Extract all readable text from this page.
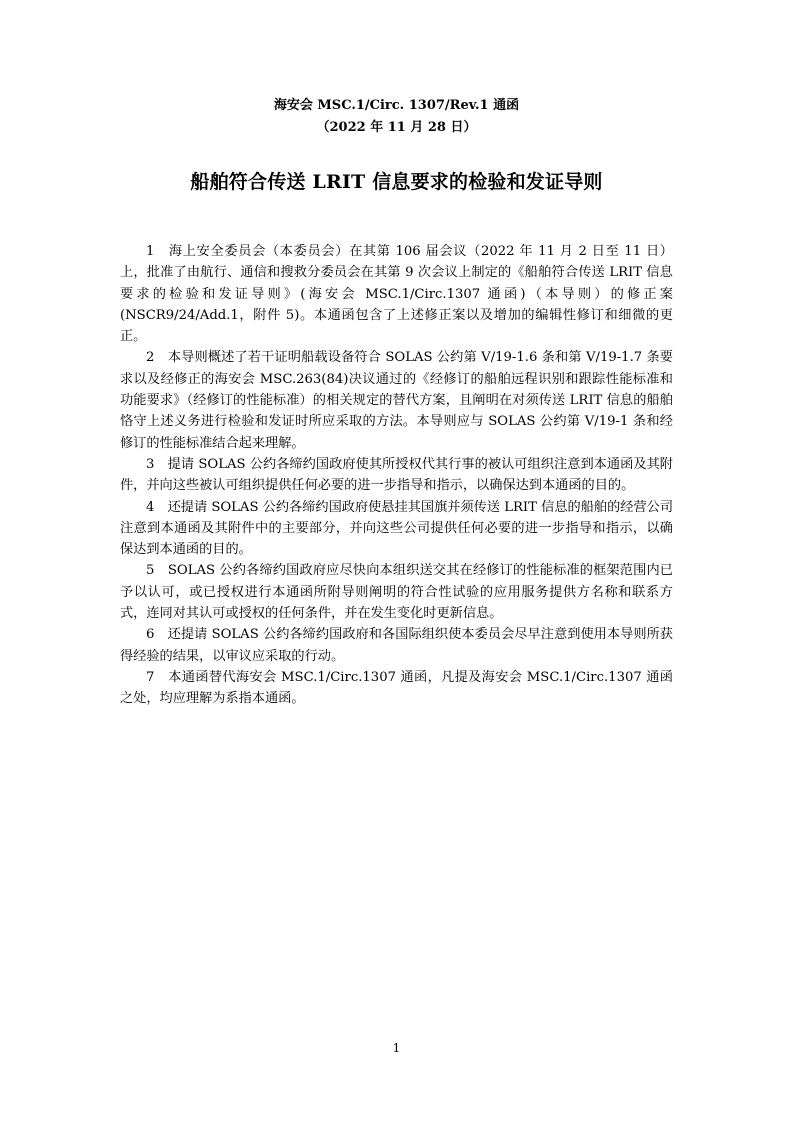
海安会 MSC.1/Circ. 1307/Rev.1 通函
（2022 年 11 月 28 日）
船舶符合传送 LRIT 信息要求的检验和发证导则

1　海上安全委员会（本委员会）在其第 106 届会议（2022 年 11 月 2 日至 11 日）上，批准了由航行、通信和搜救分委员会在其第 9 次会议上制定的《船舶符合传送 LRIT 信息要求的检验和发证导则》(海安会 MSC.1/Circ.1307 通函)（本导则）的修正案(NSCR9/24/Add.1，附件 5)。本通函包含了上述修正案以及增加的编辑性修订和细微的更正。

2　本导则概述了若干证明船载设备符合 SOLAS 公约第 V/19-1.6 条和第 V/19-1.7 条要求以及经修正的海安会 MSC.263(84)决议通过的《经修订的船舶远程识别和跟踪性能标准和功能要求》（经修订的性能标准）的相关规定的替代方案，且阐明在对须传送 LRIT 信息的船舶恪守上述义务进行检验和发证时所应采取的方法。本导则应与 SOLAS 公约第 V/19-1 条和经修订的性能标准结合起来理解。

3　提请 SOLAS 公约各缔约国政府使其所授权代其行事的被认可组织注意到本通函及其附件，并向这些被认可组织提供任何必要的进一步指导和指示，以确保达到本通函的目的。

4　还提请 SOLAS 公约各缔约国政府使悬挂其国旗并须传送 LRIT 信息的船舶的经营公司注意到本通函及其附件中的主要部分，并向这些公司提供任何必要的进一步指导和指示，以确保达到本通函的目的。

5　SOLAS 公约各缔约国政府应尽快向本组织送交其在经修订的性能标准的框架范围内已予以认可，或已授权进行本通函所附导则阐明的符合性试验的应用服务提供方名称和联系方式，连同对其认可或授权的任何条件，并在发生变化时更新信息。

6　还提请 SOLAS 公约各缔约国政府和各国际组织使本委员会尽早注意到使用本导则所获得经验的结果，以审议应采取的行动。

7　本通函替代海安会 MSC.1/Circ.1307 通函，凡提及海安会 MSC.1/Circ.1307 通函之处，均应理解为系指本通函。

1
